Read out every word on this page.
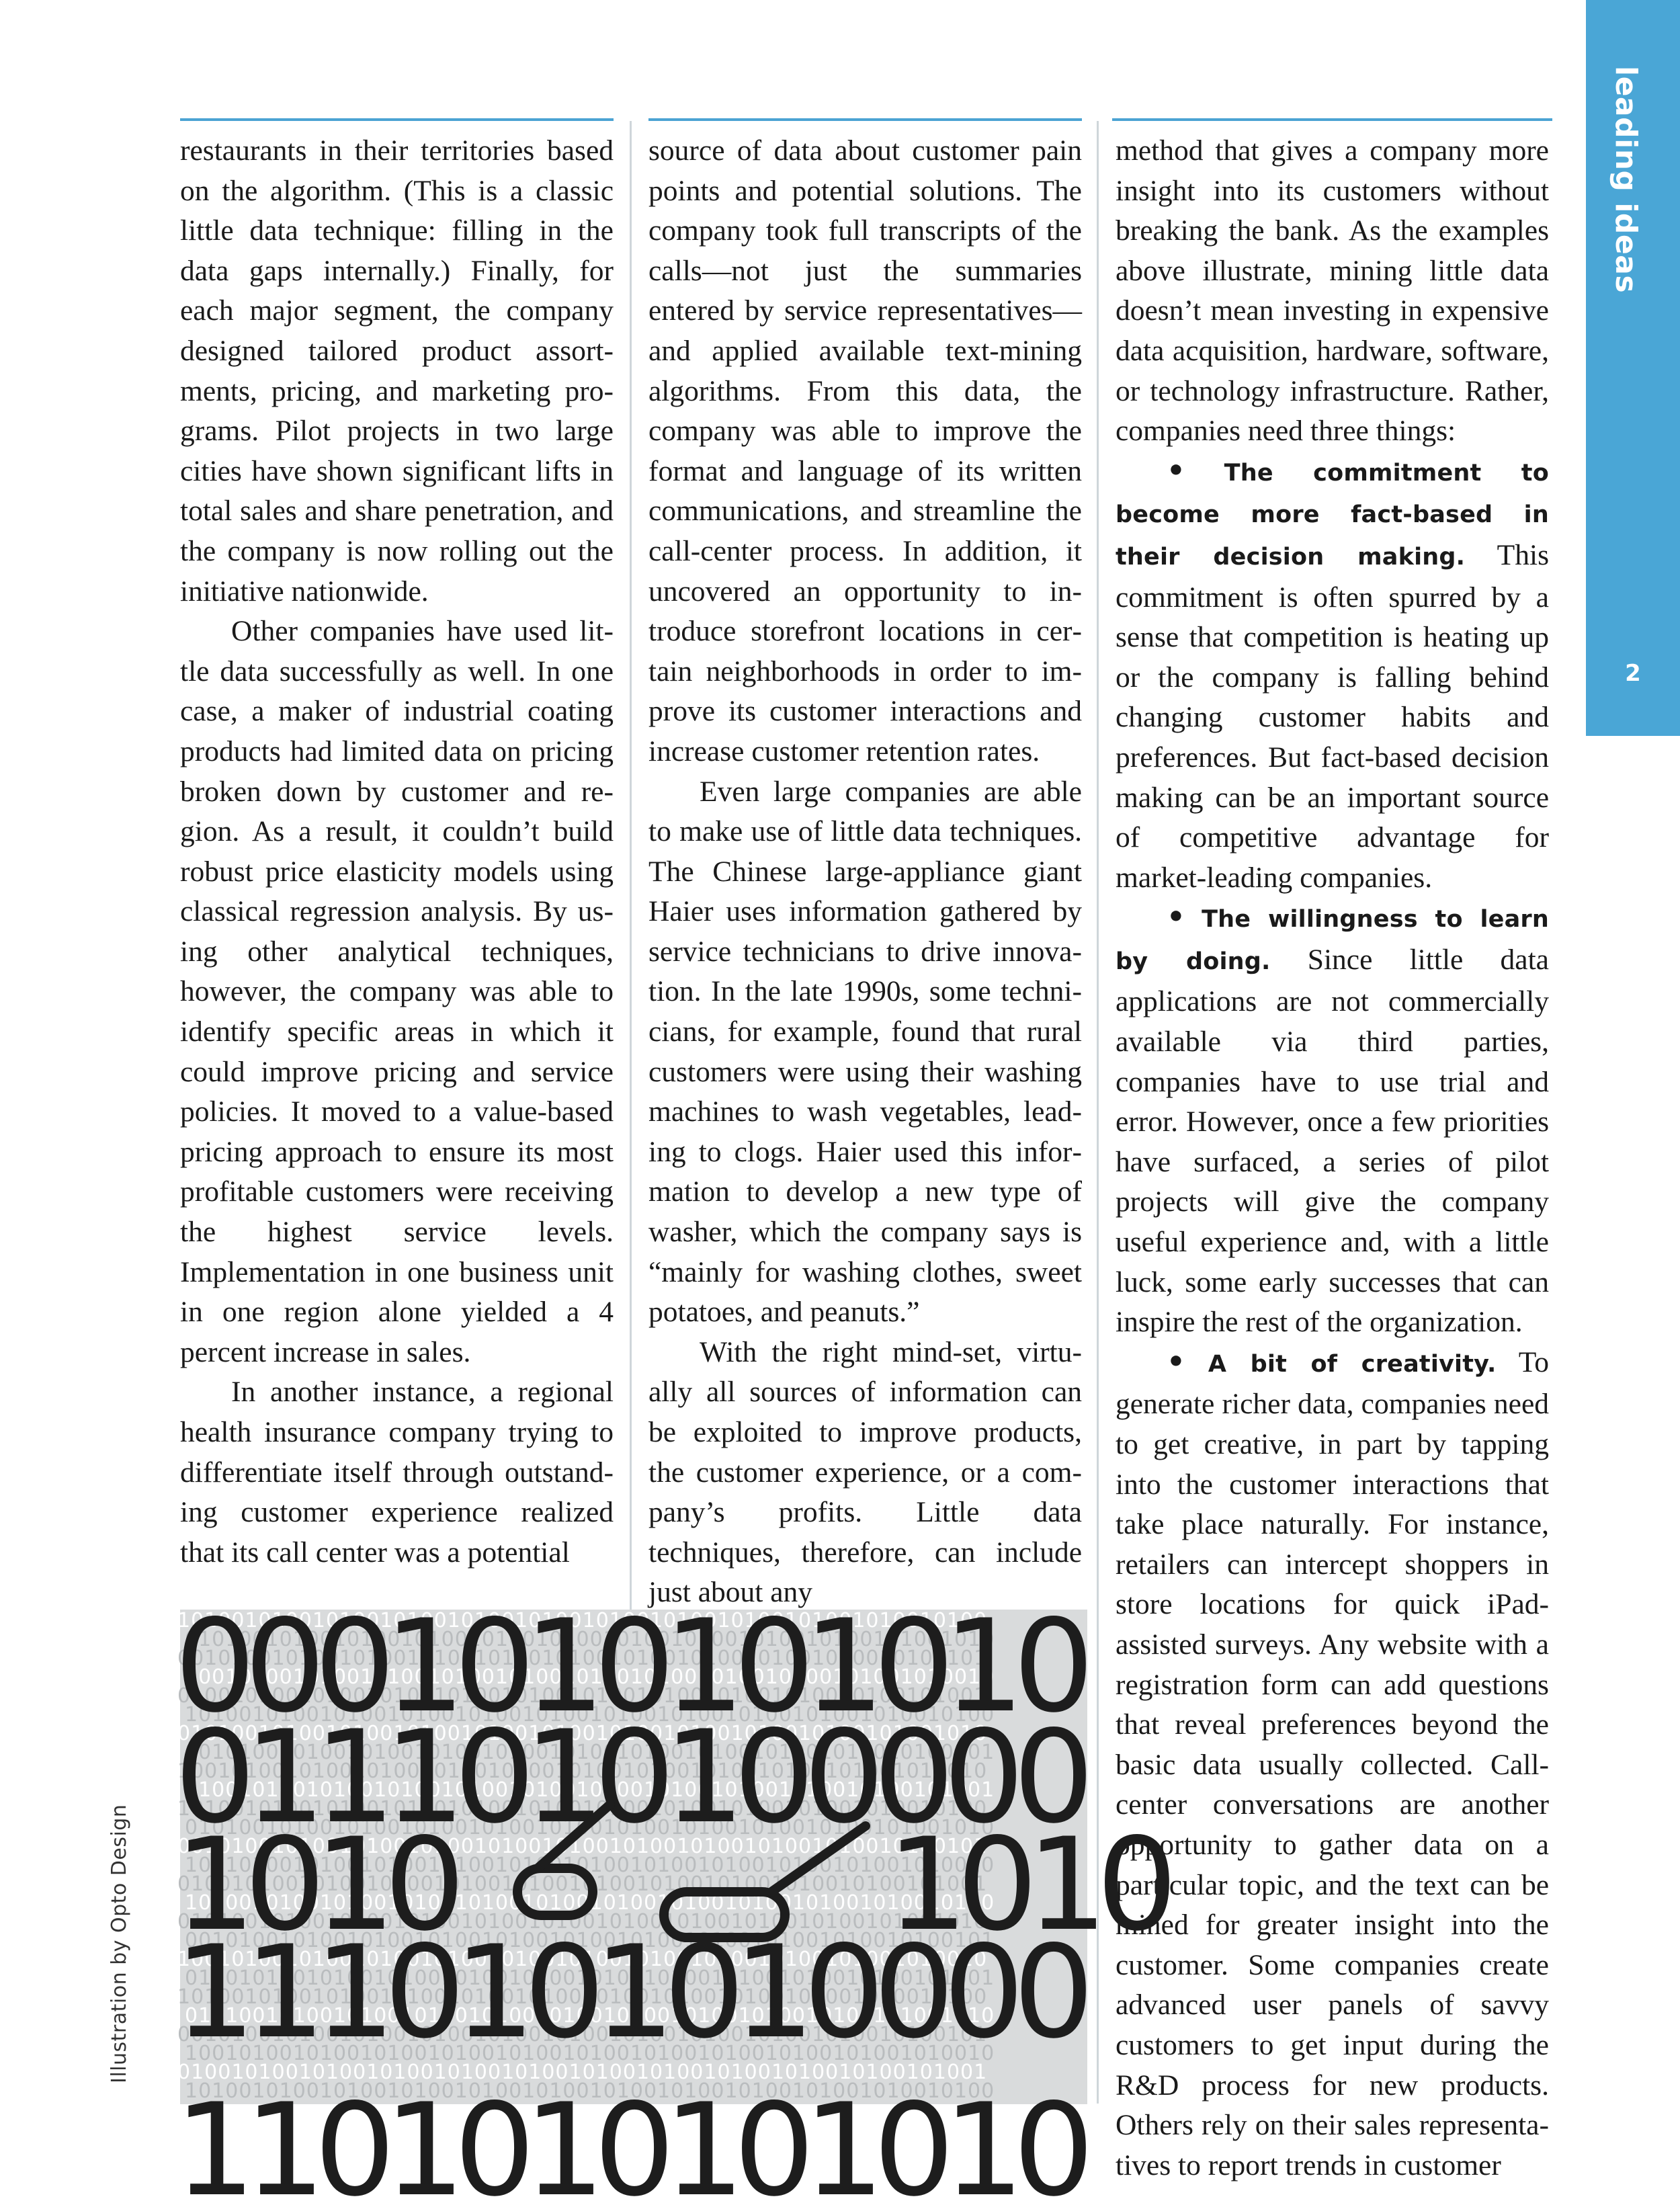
restaurants in their territories based on the algorithm. (This is a classic little data technique: filling in the data gaps internally.) Finally, for each major segment, the company designed tailored product assortments, pricing, and marketing programs. Pilot projects in two large cities have shown significant lifts in total sales and share penetration, and the company is now rolling out the initiative nationwide.

Other companies have used little data successfully as well. In one case, a maker of industrial coating products had limited data on pricing broken down by customer and region. As a result, it couldn’t build robust price elasticity models using classical regression analysis. By using other analytical techniques, however, the company was able to identify specific areas in which it could improve pricing and service policies. It moved to a value-based pricing approach to ensure its most profitable customers were receiving the highest service levels. Implementation in one business unit in one region alone yielded a 4 percent increase in sales.

In another instance, a regional health insurance company trying to differentiate itself through outstanding customer experience realized that its call center was a potential

source of data about customer pain points and potential solutions. The company took full transcripts of the calls—not just the summaries entered by service representatives—and applied available text-mining algorithms. From this data, the company was able to improve the format and language of its written communications, and streamline the call-center process. In addition, it uncovered an opportunity to introduce storefront locations in certain neighborhoods in order to improve its customer interactions and increase customer retention rates.

Even large companies are able to make use of little data techniques. The Chinese large-appliance giant Haier uses information gathered by service technicians to drive innovation. In the late 1990s, some technicians, for example, found that rural customers were using their washing machines to wash vegetables, leading to clogs. Haier used this information to develop a new type of washer, which the company says is “mainly for washing clothes, sweet potatoes, and peanuts.”

With the right mind-set, virtually all sources of information can be exploited to improve products, the customer experience, or a company’s profits. Little data techniques, therefore, can include just about any

method that gives a company more insight into its customers without breaking the bank. As the examples above illustrate, mining little data doesn’t mean investing in expensive data acquisition, hardware, software, or technology infrastructure. Rather, companies need three things:

• The commitment to become more fact-based in their decision making. This commitment is often spurred by a sense that competition is heating up or the company is falling behind changing customer habits and preferences. But fact-based decision making can be an important source of competitive advantage for market-leading companies.

• The willingness to learn by doing. Since little data applications are not commercially available via third parties, companies have to use trial and error. However, once a few priorities have surfaced, a series of pilot projects will give the company useful experience and, with a little luck, some early successes that can inspire the rest of the organization.

• A bit of creativity. To generate richer data, companies need to get creative, in part by tapping into the customer interactions that take place naturally. For instance, retailers can intercept shoppers in store locations for quick iPad-assisted surveys. Any website with a registration form can add questions that reveal preferences beyond the basic data usually collected. Call-center conversations are another opportunity to gather data on a particular topic, and the text can be mined for greater insight into the customer. Some companies create advanced user panels of savvy customers to get input during the R&D process for new products. Others rely on their sales representatives to report trends in customer

101001010010100101001010010100101001010010100101001010010100
010100101001010010100101001010010100101001010010100101001010
001010010100101001010010100101001010010100101001010010100101
100101001010010100101001010010100101001010010100101001010010
010010100101001010010100101001010010100101001010010100101001
101001010010100101001010010100101001010010100101001010010100
010100101001010010100101001010010100101001010010100101001010
001010010100101001010010100101001010010100101001010010100101
100101001010010100101001010010100101001010010100101001010010
010010100101001010010100101001010010100101001010010100101001
101001010010100101001010010100101001010010100101001010010100
010100101001010010100101001010010100101001010010100101001010
001010010100101001010010100101001010010100101001010010100101
100101001010010100101001010010100101001010010100101001010010
010010100101001010010100101001010010100101001010010100101001
101001010010100101001010010100101001010010100101001010010100
010100101001010010100101001010010100101001010010100101001010
001010010100101001010010100101001010010100101001010010100101
100101001010010100101001010010100101001010010100101001010010
010010100101001010010100101001010010100101001010010100101001
101001010010100101001010010100101001010010100101001010010100
010100101001010010100101001010010100101001010010100101001010
001010010100101001010010100101001010010100101001010010100101
100101001010010100101001010010100101001010010100101001010010
010010100101001010010100101001010010100101001010010100101001
101001010010100101001010010100101001010010100101001010010100
0
0
0
1
0
1
0
1
0
1
0
1
0
0
1
1
1
0
1
0
1
0
0
0
0
0
1
0
1
0	1
0
1
0
1
1
1
0
1
0
1
0
1
0
0
0
0
1
1
0
1
0
1
0
1
0
1
0
1
0
Illustration by Opto Design
leading ideas
2
